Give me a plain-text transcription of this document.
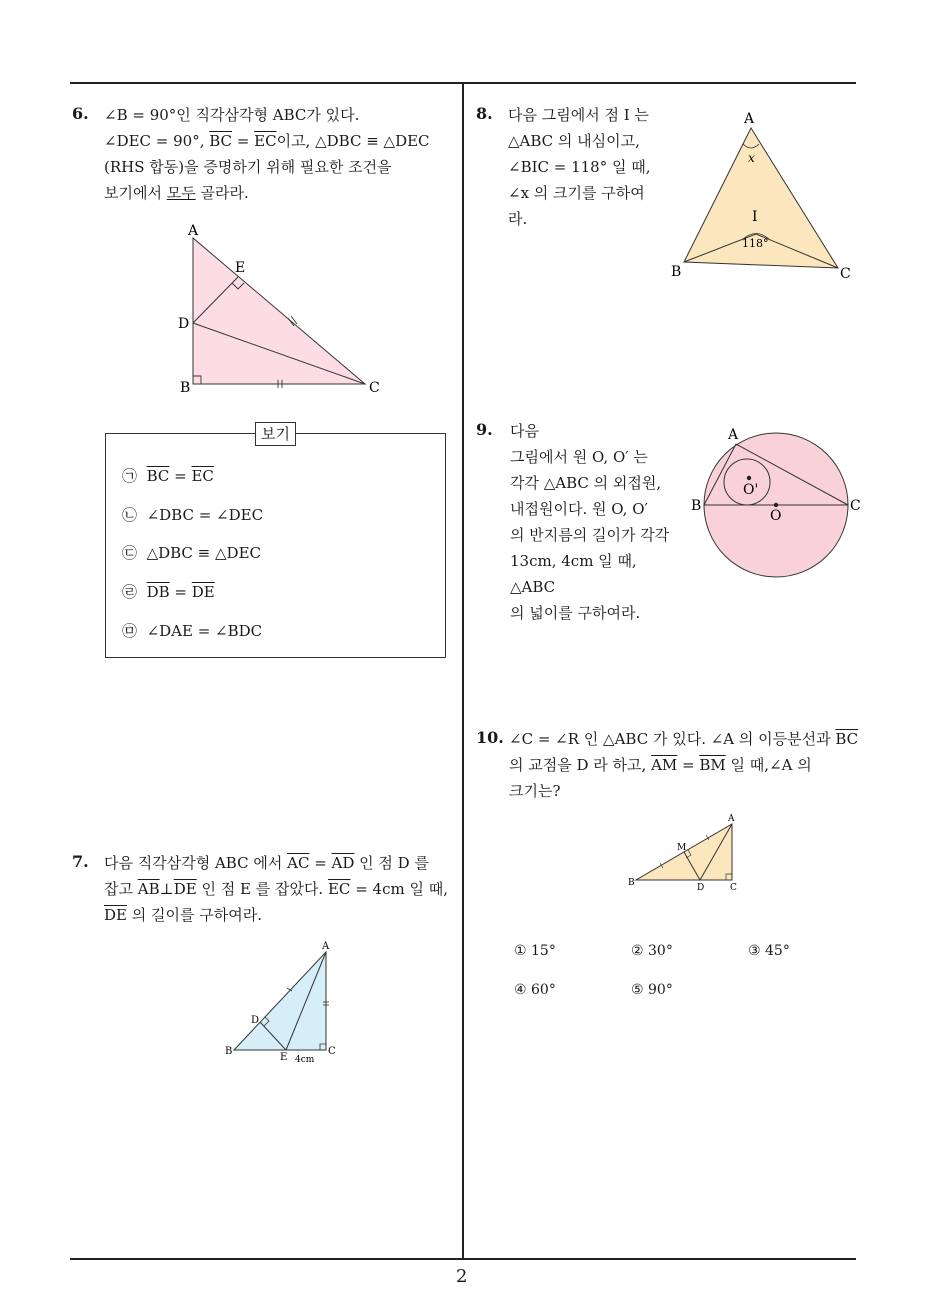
6. ∠B = 90°인 직각삼각형 ABC가 있다.
∠DEC = 90°, $\overline{BC} = \overline{EC}$이고, △DBC ≡ △DEC
(RHS 합동)을 증명하기 위해 필요한 조건을
보기에서 모두 골라라.
A
E
D
B	C
보기
㉠ $\overline{BC} = \overline{EC}$
㉡ ∠DBC = ∠DEC
㉢ △DBC ≡ △DEC
㉣ $\overline{DB} = \overline{DE}$
㉤ ∠DAE = ∠BDC
7. 다음 직각삼각형 ABC 에서 $\overline{AC} = \overline{AD}$ 인 점 D 를
잡고 $\overline{AB}\perp\overline{DE}$ 인 점 E 를 잡았다. $\overline{EC} = 4cm$ 일 때,
$\overline{DE}$ 의 길이를 구하여라.
A
D
B
E
C
4cm
8. 다음 그림에서 점 I 는
△ABC 의 내심이고,
∠BIC = 118° 일 때,
∠x 의 크기를 구하여
라.
A
x
I
118°
B	C
9. 다음
그림에서 원 O, O′ 는
각각 △ABC 의 외접원,
내접원이다. 원 O, O′
의 반지름의 길이가 각각
13cm, 4cm 일 때, △ABC
의 넓이를 구하여라.
A
O'
B
O
C
10. ∠C = ∠R 인 △ABC 가 있다. ∠A 의 이등분선과 $\overline{BC}$
의 교점을 D 라 하고, $\overline{AM} = \overline{BM}$ 일 때,∠A 의
크기는?
A
M
B	D	C
① 15°	② 30°	③ 45°
④ 60°	⑤ 90°
2
